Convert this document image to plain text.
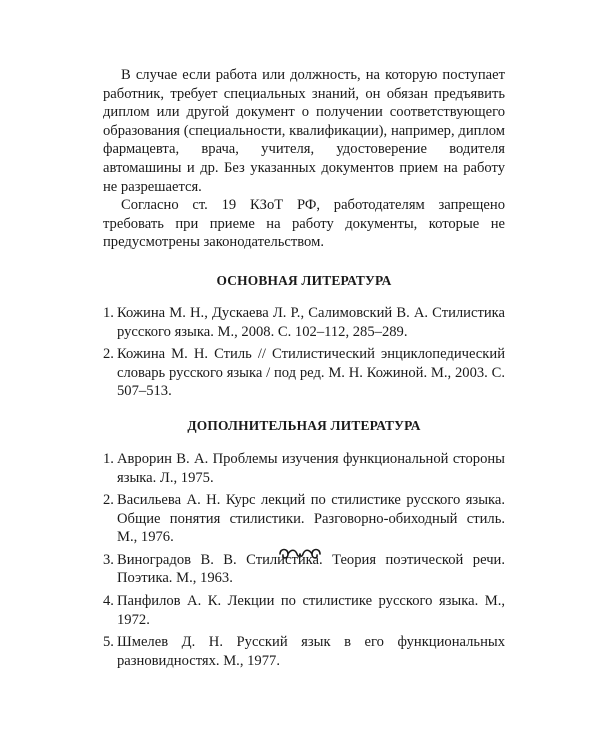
В случае если работа или должность, на которую поступает работник, требует специальных знаний, он обязан предъявить диплом или другой документ о получении соответствующего образования (специальности, квалификации), например, диплом фармацевта, врача, учителя, удостоверение водителя автомашины и др. Без указанных документов прием на работу не разрешается.

Согласно ст. 19 КЗоТ РФ, работодателям запрещено требовать при приеме на работу документы, которые не предусмотрены законодательством.

ОСНОВНАЯ ЛИТЕРАТУРА
1. Кожина М. Н., Дускаева Л. Р., Салимовский В. А. Стилистика русского языка. М., 2008. С. 102–112, 285–289.
2. Кожина М. Н. Стиль // Стилистический энциклопедический словарь русского языка / под ред. М. Н. Кожиной. М., 2003. С. 507–513.
ДОПОЛНИТЕЛЬНАЯ ЛИТЕРАТУРА
1. Аврорин В. А. Проблемы изучения функциональной стороны языка. Л., 1975.
2. Васильева А. Н. Курс лекций по стилистике русского языка. Общие понятия стилистики. Разговорно-обиходный стиль. М., 1976.
3. Виноградов В. В. Стилистика. Теория поэтической речи. Поэтика. М., 1963.
4. Панфилов А. К. Лекции по стилистике русского языка. М., 1972.
5. Шмелев Д. Н. Русский язык в его функциональных разновидностях. М., 1977.
